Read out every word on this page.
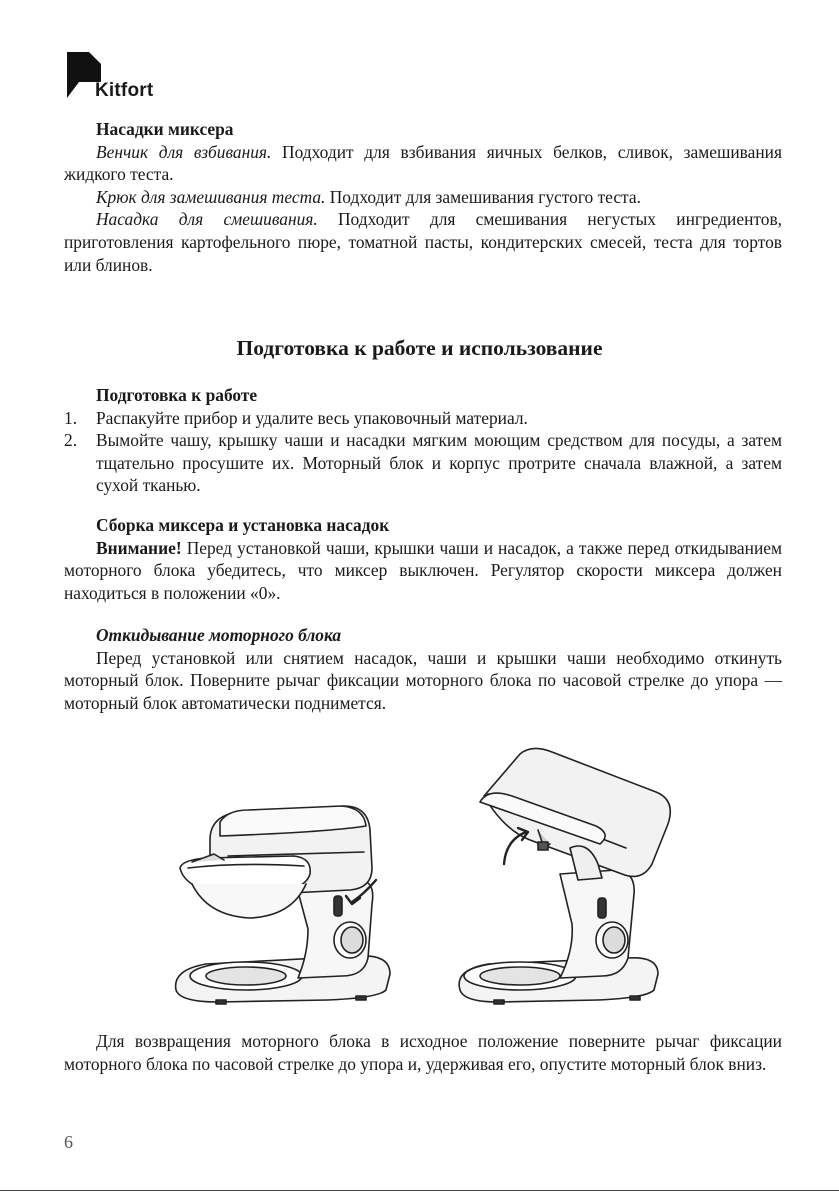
Kitfort

Насадки миксера

Венчик для взбивания. Подходит для взбивания яичных белков, сливок, замешивания жидкого теста.

Крюк для замешивания теста. Подходит для замешивания густого теста.

Насадка для смешивания. Подходит для смешивания негустых ингредиентов, приготовления картофельного пюре, томатной пасты, кондитерских смесей, теста для тортов или блинов.

Подготовка к работе и использование

Подготовка к работе

1. Распакуйте прибор и удалите весь упаковочный материал.
2. Вымойте чашу, крышку чаши и насадки мягким моющим средством для посуды, а затем тщательно просушите их. Моторный блок и корпус протрите сначала влажной, а затем сухой тканью.

Сборка миксера и установка насадок

Внимание! Перед установкой чаши, крышки чаши и насадок, а также перед откидыванием моторного блока убедитесь, что миксер выключен. Регулятор скорости миксера должен находиться в положении «0».

Откидывание моторного блока

Перед установкой или снятием насадок, чаши и крышки чаши необходимо откинуть моторный блок. Поверните рычаг фиксации моторного блока по часовой стрелке до упора — моторный блок автоматически поднимется.

Для возвращения моторного блока в исходное положение поверните рычаг фиксации моторного блока по часовой стрелке до упора и, удерживая его, опустите моторный блок вниз.

6
